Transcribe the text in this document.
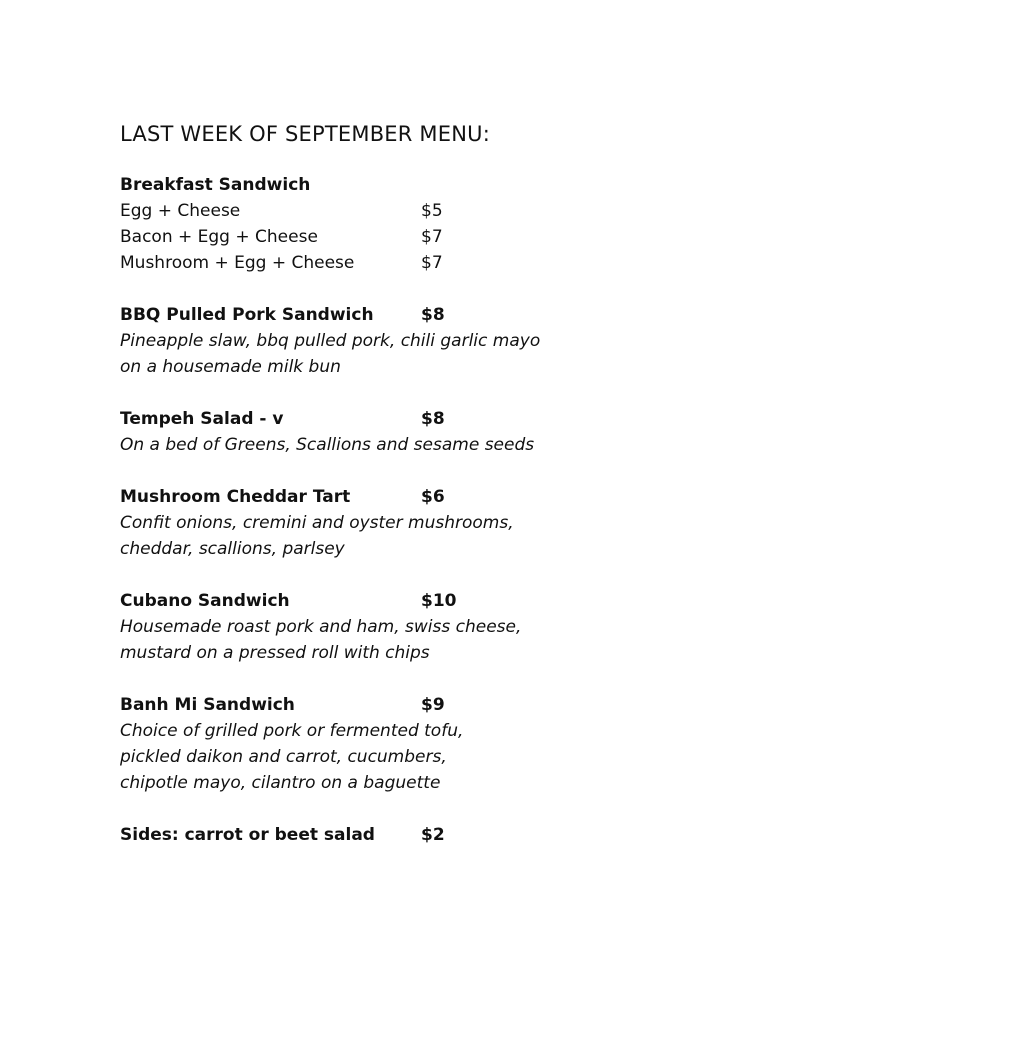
LAST WEEK OF SEPTEMBER MENU:
Breakfast Sandwich
Egg + Cheese	$5
Bacon + Egg + Cheese	$7
Mushroom + Egg + Cheese	$7
BBQ Pulled Pork Sandwich	$8
Pineapple slaw, bbq pulled pork, chili garlic mayo
on a housemade milk bun
Tempeh Salad - v	$8
On a bed of Greens, Scallions and sesame seeds
Mushroom Cheddar Tart	$6
Confit onions, cremini and oyster mushrooms,
cheddar, scallions, parlsey
Cubano Sandwich	$10
Housemade roast pork and ham, swiss cheese,
mustard on a pressed roll with chips
Banh Mi Sandwich	$9
Choice of grilled pork or fermented tofu,
pickled daikon and carrot, cucumbers,
chipotle mayo, cilantro on a baguette
Sides: carrot or beet salad	$2
